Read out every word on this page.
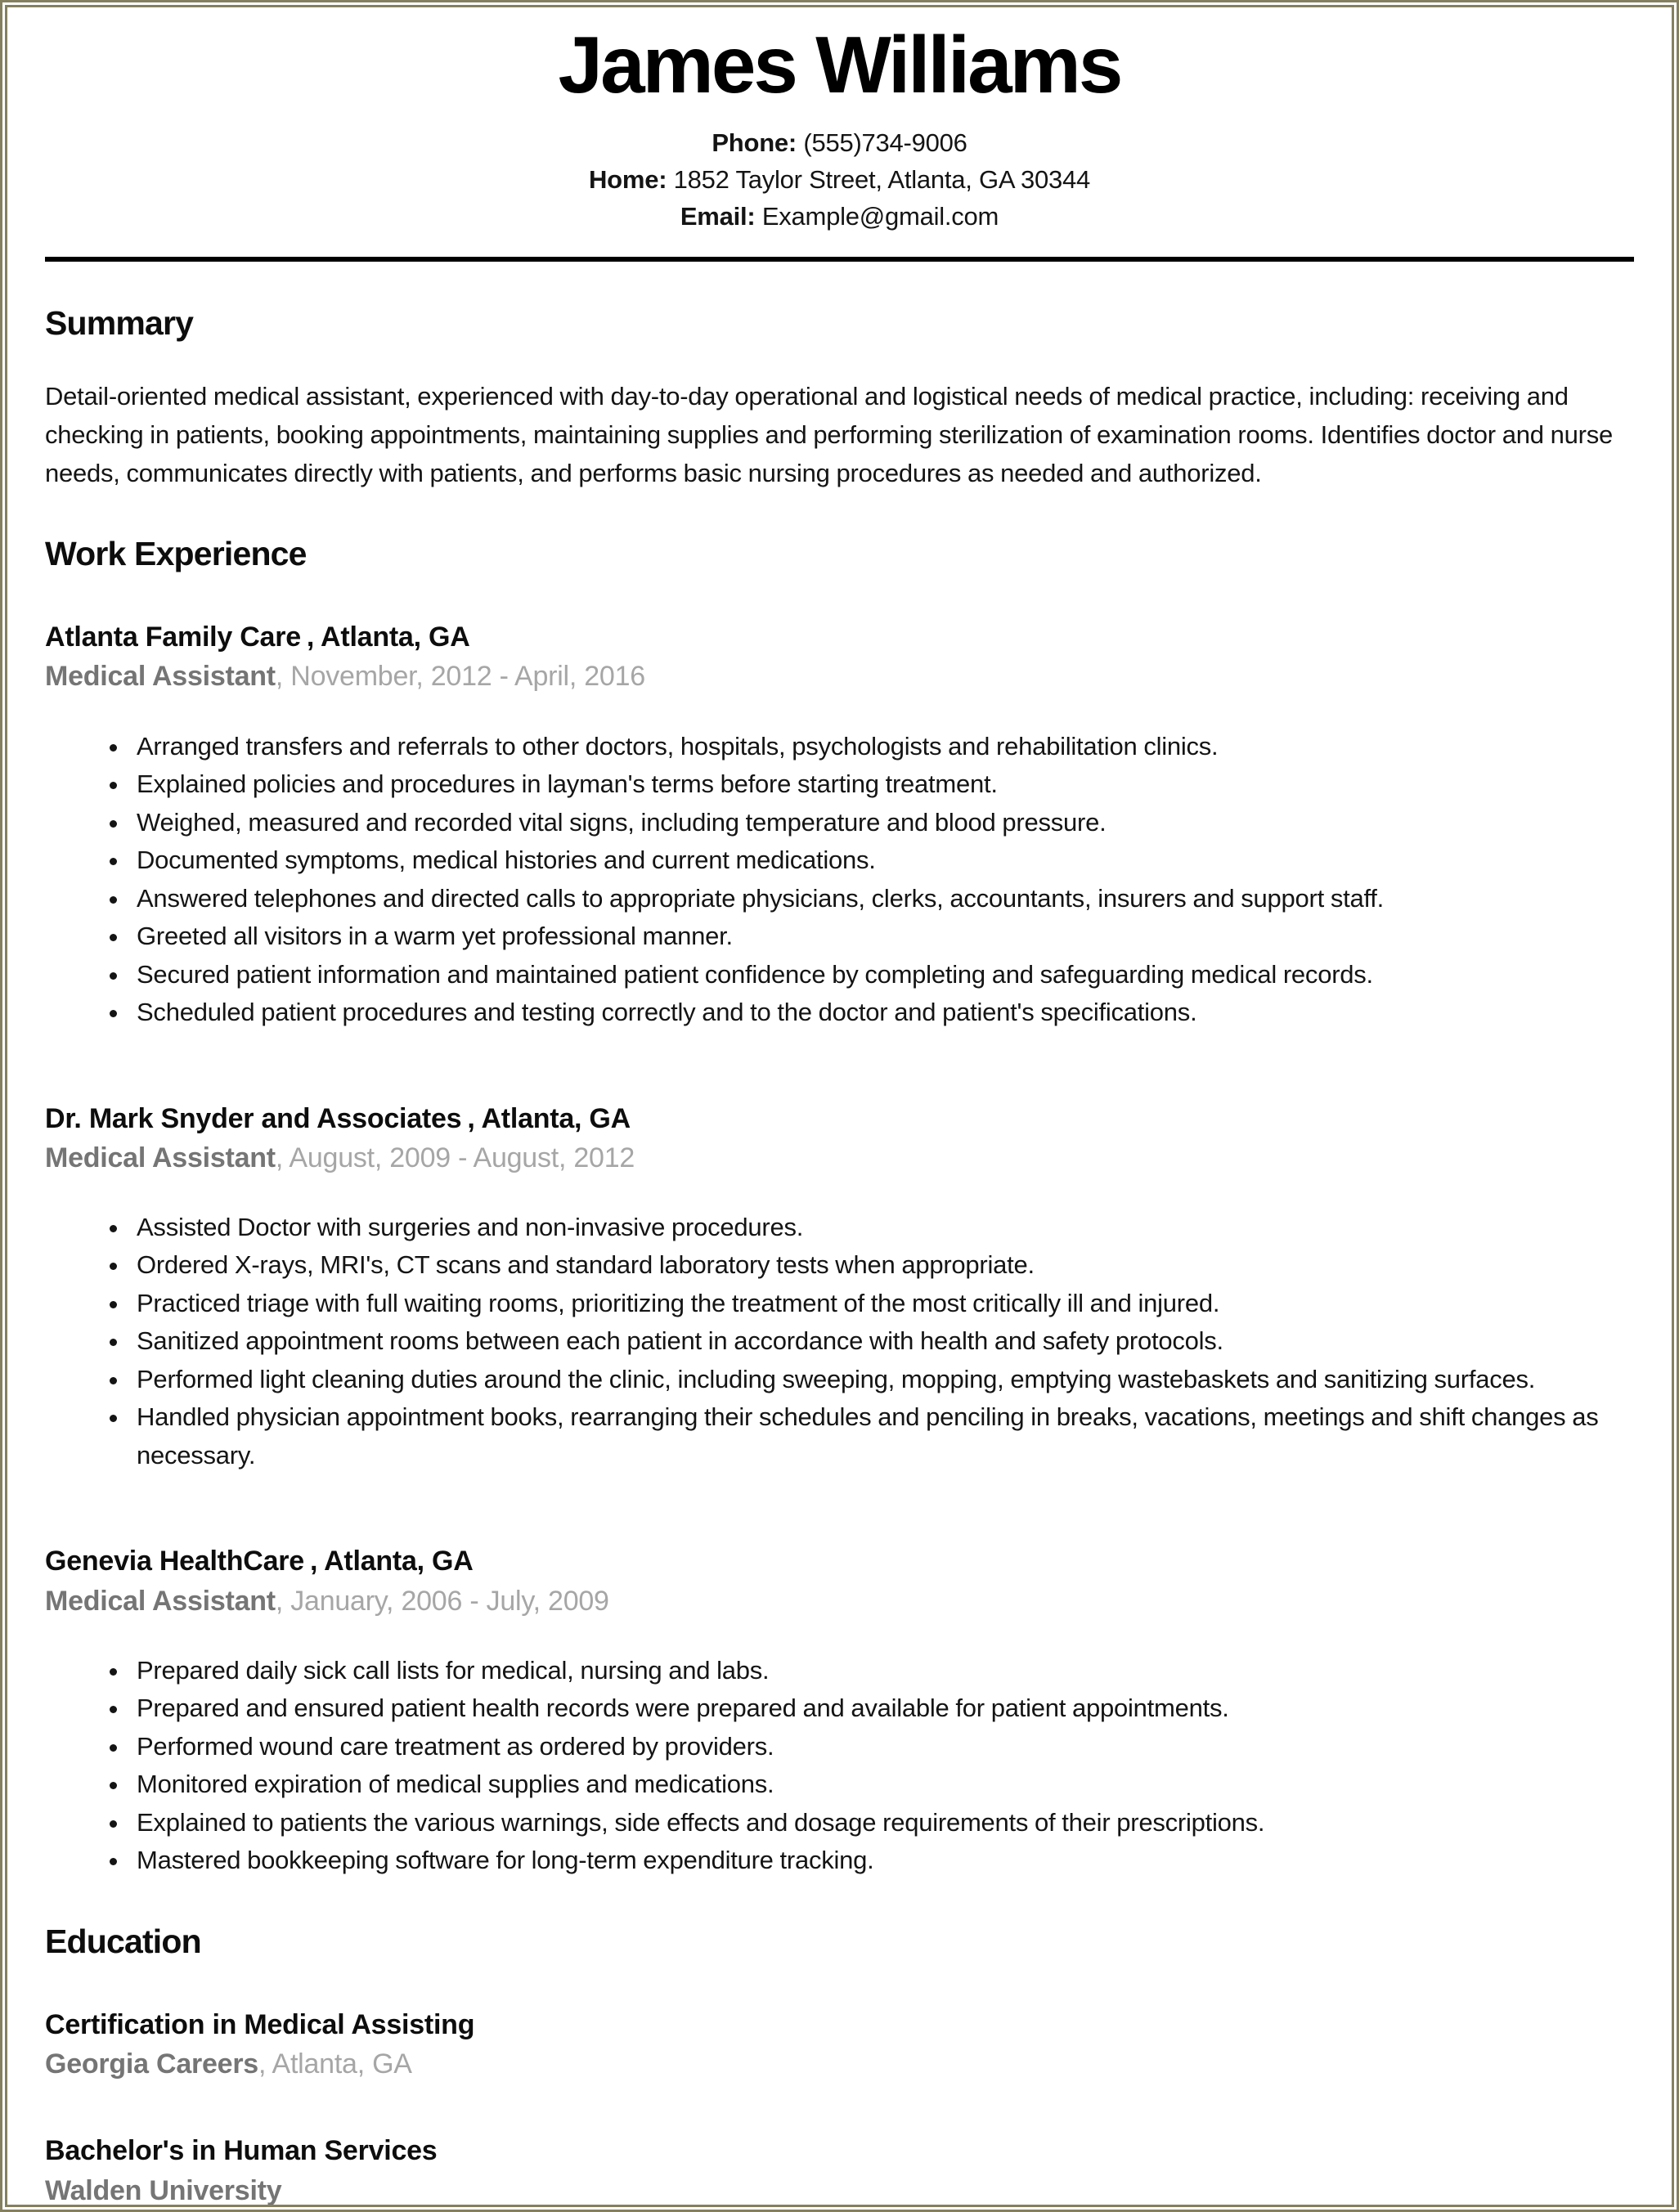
James Williams
Phone: (555)734-9006
Home: 1852 Taylor Street, Atlanta, GA 30344
Email: Example@gmail.com
Summary

Detail-oriented medical assistant, experienced with day-to-day operational and logistical needs of medical practice, including: receiving and checking in patients, booking appointments, maintaining supplies and performing sterilization of examination rooms. Identifies doctor and nurse needs, communicates directly with patients, and performs basic nursing procedures as needed and authorized.

Work Experience
Atlanta Family Care , Atlanta, GA
Medical Assistant, November, 2012 - April, 2016
• Arranged transfers and referrals to other doctors, hospitals, psychologists and rehabilitation clinics.
• Explained policies and procedures in layman's terms before starting treatment.
• Weighed, measured and recorded vital signs, including temperature and blood pressure.
• Documented symptoms, medical histories and current medications.
• Answered telephones and directed calls to appropriate physicians, clerks, accountants, insurers and support staff.
• Greeted all visitors in a warm yet professional manner.
• Secured patient information and maintained patient confidence by completing and safeguarding medical records.
• Scheduled patient procedures and testing correctly and to the doctor and patient's specifications.
Dr. Mark Snyder and Associates , Atlanta, GA
Medical Assistant, August, 2009 - August, 2012
• Assisted Doctor with surgeries and non-invasive procedures.
• Ordered X-rays, MRI's, CT scans and standard laboratory tests when appropriate.
• Practiced triage with full waiting rooms, prioritizing the treatment of the most critically ill and injured.
• Sanitized appointment rooms between each patient in accordance with health and safety protocols.
• Performed light cleaning duties around the clinic, including sweeping, mopping, emptying wastebaskets and sanitizing surfaces.
• Handled physician appointment books, rearranging their schedules and penciling in breaks, vacations, meetings and shift changes as necessary.
Genevia HealthCare , Atlanta, GA
Medical Assistant, January, 2006 - July, 2009
• Prepared daily sick call lists for medical, nursing and labs.
• Prepared and ensured patient health records were prepared and available for patient appointments.
• Performed wound care treatment as ordered by providers.
• Monitored expiration of medical supplies and medications.
• Explained to patients the various warnings, side effects and dosage requirements of their prescriptions.
• Mastered bookkeeping software for long-term expenditure tracking.
Education
Certification in Medical Assisting
Georgia Careers, Atlanta, GA
Bachelor's in Human Services
Walden University
